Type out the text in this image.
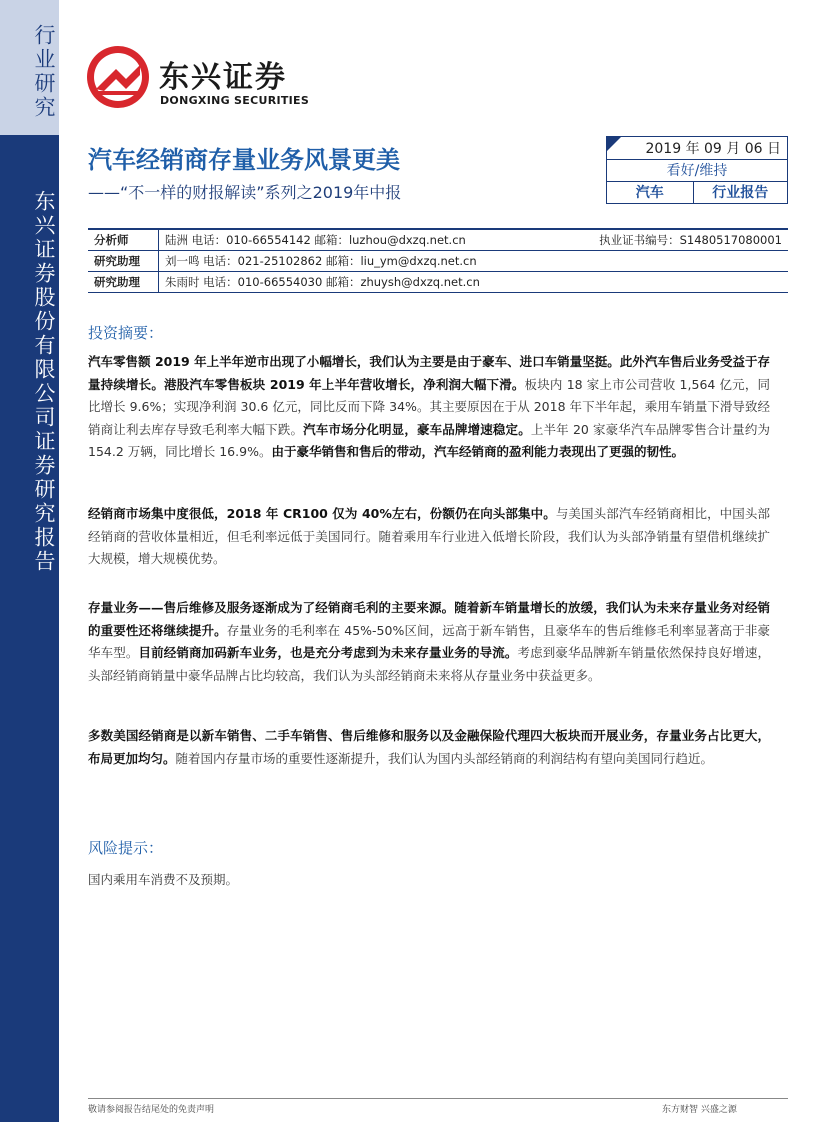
行业研究
东兴证券股份有限公司证券研究报告
东兴证券
DONGXING SECURITIES
汽车经销商存量业务风景更美
——“不一样的财报解读”系列之2019年中报
2019 年 09 月 06 日
看好/维持
汽车	行业报告
分析师	陆洲 电话：010-66554142 邮箱：luzhou@dxzq.net.cn 执业证书编号：S1480517080001

研究助理	刘一鸣 电话：021-25102862 邮箱：liu_ym@dxzq.net.cn
研究助理	朱雨时 电话：010-66554030 邮箱：zhuysh@dxzq.net.cn
投资摘要：
汽车零售额 2019 年上半年逆市出现了小幅增长，我们认为主要是由于豪车、进口车销量坚挺。此外汽车售后业务受益于存量持续增长。港股汽车零售板块 2019 年上半年营收增长，净利润大幅下滑。板块内 18 家上市公司营收 1,564 亿元，同比增长 9.6%；实现净利润 30.6 亿元，同比反而下降 34%。其主要原因在于从 2018 年下半年起，乘用车销量下滑导致经销商让利去库存导致毛利率大幅下跌。汽车市场分化明显，豪车品牌增速稳定。上半年 20 家豪华汽车品牌零售合计量约为 154.2 万辆，同比增长 16.9%。由于豪华销售和售后的带动，汽车经销商的盈利能力表现出了更强的韧性。
经销商市场集中度很低，2018 年 CR100 仅为 40%左右，份额仍在向头部集中。与美国头部汽车经销商相比，中国头部经销商的营收体量相近，但毛利率远低于美国同行。随着乘用车行业进入低增长阶段，我们认为头部净销量有望借机继续扩大规模，增大规模优势。
存量业务——售后维修及服务逐渐成为了经销商毛利的主要来源。随着新车销量增长的放缓，我们认为未来存量业务对经销的重要性还将继续提升。存量业务的毛利率在 45%-50%区间，远高于新车销售，且豪华车的售后维修毛利率显著高于非豪华车型。目前经销商加码新车业务，也是充分考虑到为未来存量业务的导流。考虑到豪华品牌新车销量依然保持良好增速，头部经销商销量中豪华品牌占比均较高，我们认为头部经销商未来将从存量业务中获益更多。
多数美国经销商是以新车销售、二手车销售、售后维修和服务以及金融保险代理四大板块而开展业务，存量业务占比更大，布局更加均匀。随着国内存量市场的重要性逐渐提升，我们认为国内头部经销商的利润结构有望向美国同行趋近。
风险提示：
国内乘用车消费不及预期。
敬请参阅报告结尾处的免责声明	东方财智 兴盛之源
